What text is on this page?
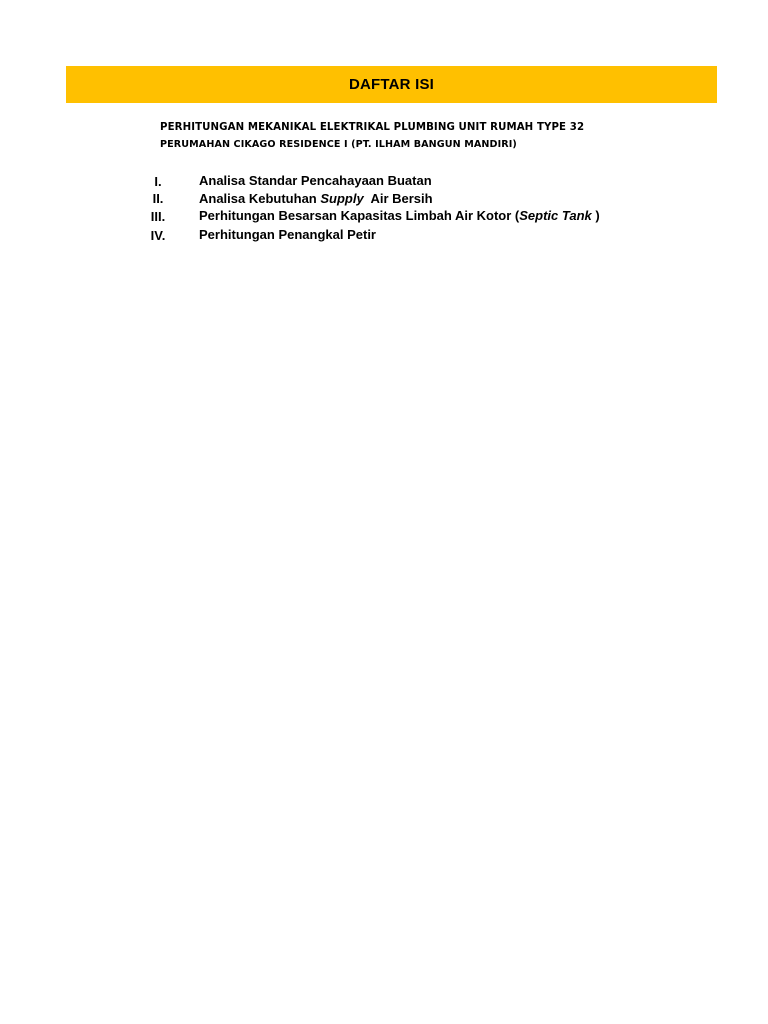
DAFTAR ISI
PERHITUNGAN MEKANIKAL ELEKTRIKAL PLUMBING UNIT RUMAH TYPE 32
PERUMAHAN CIKAGO RESIDENCE I (PT. ILHAM BANGUN MANDIRI)
I.	Analisa Standar Pencahayaan Buatan
II.	Analisa Kebutuhan Supply  Air Bersih
III.	Perhitungan Besarsan Kapasitas Limbah Air Kotor (Septic Tank )
IV.	Perhitungan Penangkal Petir
